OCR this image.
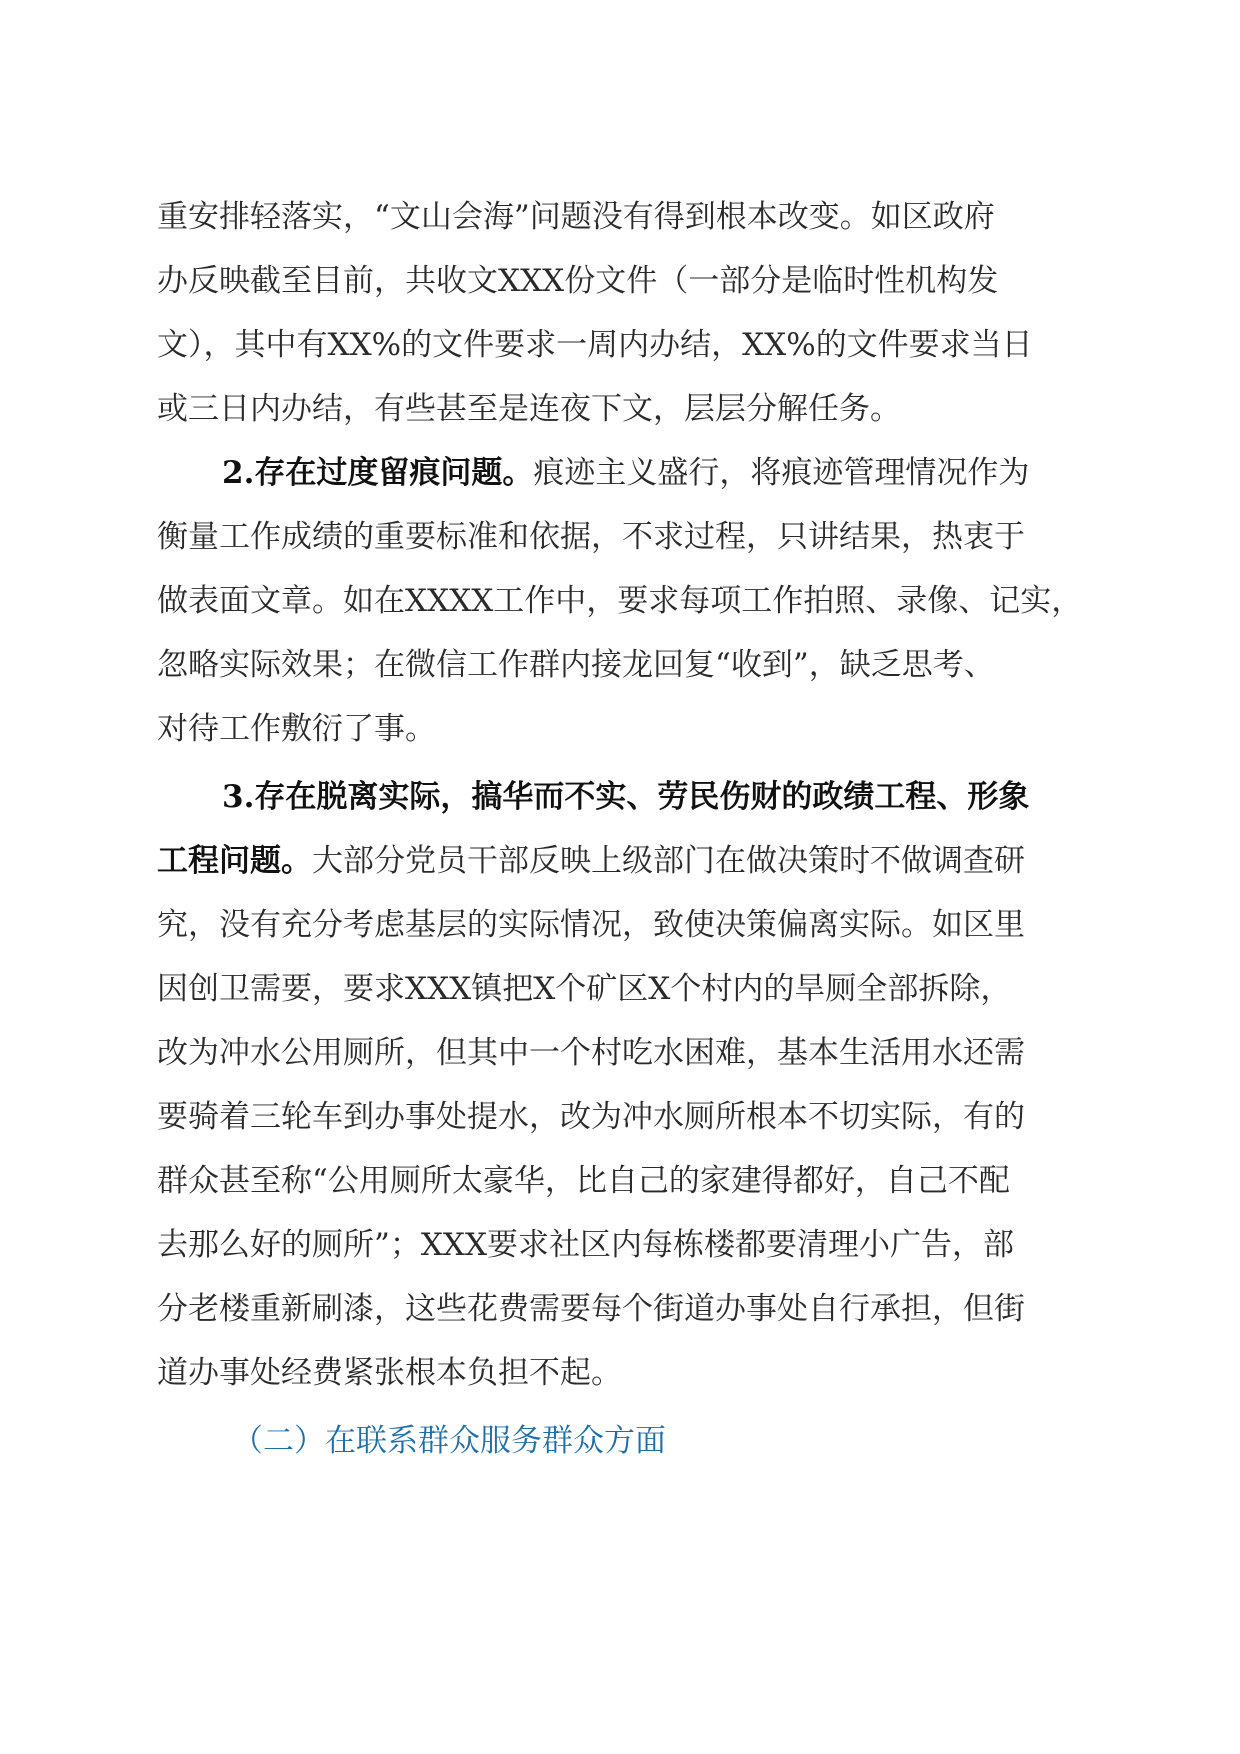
重安排轻落实，“文山会海”问题没有得到根本改变。如区政府
办反映截至目前，共收文XXX份文件（一部分是临时性机构发
文），其中有XX%的文件要求一周内办结，XX%的文件要求当日
或三日内办结，有些甚至是连夜下文，层层分解任务。
2.存在过度留痕问题。痕迹主义盛行，将痕迹管理情况作为
衡量工作成绩的重要标准和依据，不求过程，只讲结果，热衷于
做表面文章。如在XXXX工作中，要求每项工作拍照、录像、记实，
忽略实际效果；在微信工作群内接龙回复“收到”，缺乏思考、
对待工作敷衍了事。
3.存在脱离实际，搞华而不实、劳民伤财的政绩工程、形象
工程问题。大部分党员干部反映上级部门在做决策时不做调查研
究，没有充分考虑基层的实际情况，致使决策偏离实际。如区里
因创卫需要，要求XXX镇把X个矿区X个村内的旱厕全部拆除，
改为冲水公用厕所，但其中一个村吃水困难，基本生活用水还需
要骑着三轮车到办事处提水，改为冲水厕所根本不切实际，有的
群众甚至称“公用厕所太豪华，比自己的家建得都好，自己不配
去那么好的厕所”；XXX要求社区内每栋楼都要清理小广告，部
分老楼重新刷漆，这些花费需要每个街道办事处自行承担，但街
道办事处经费紧张根本负担不起。
（二）在联系群众服务群众方面
